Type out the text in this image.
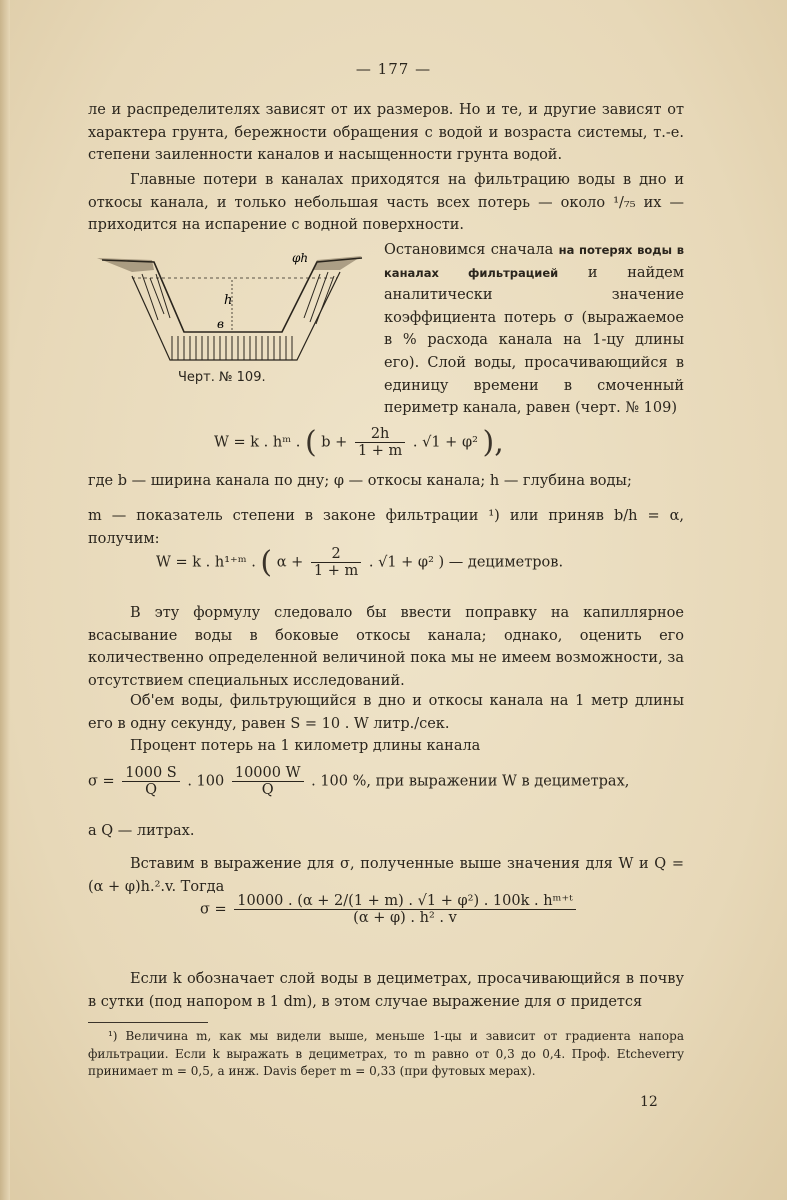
— 177 —
ле и распределителях зависят от их размеров. Но и те, и другие зависят от характера грунта, бережности обращения с водой и возраста системы, т.-е. степени заиленности каналов и насыщенности грунта водой.
Главные потери в каналах приходятся на фильтрацию воды в дно и откосы канала, и только небольшая часть всех потерь — около ¹/₇₅ их — приходится на испарение с водной поверхности.
φh
h
в
Черт. № 109.
Остановимся сначала на потерях воды в каналах фильтрацией и найдем аналитически значение коэффициента потерь σ (выражаемое в % расхода канала на 1-цу длины его). Слой воды, просачивающийся в единицу времени в смоченный периметр канала, равен (черт. № 109)
W = k . hᵐ . ( $b + \frac{2h}{1 + m}$ . √1 + φ² ),
где b — ширина канала по дну; φ — откосы канала; h — глубина воды;
m — показатель степени в законе фильтрации ¹) или приняв b/h = α, получим:
W = k . h¹⁺ᵐ . ( $\alpha + \frac{2}{1 + m}$ . √1 + φ² ) — дециметров.
В эту формулу следовало бы ввести поправку на капиллярное всасывание воды в боковые откосы канала; однако, оценить его количественно определенной величиной пока мы не имеем возможности, за отсутствием специальных исследований.
Об'ем воды, фильтрующийся в дно и откосы канала на 1 метр длины его в одну секунду, равен S = 10 . W литр./сек.
Процент потерь на 1 километр длины канала
$\sigma = \frac{1000 S}{Q}$ . $100 \frac{10000 W}{Q}$ . 100 %, при выражении W в дециметрах,
а Q — литрах.
Вставим в выражение для σ, полученные выше значения для W и Q = (α + φ)h.².v. Тогда
$\sigma = \frac{\text{10000 . (α + 2/(1 + m) . √1 + φ²) . 100k . hᵐ⁺ᵗ}}{\text{(α + φ) . h² . v}}$
Если k обозначает слой воды в дециметрах, просачивающийся в почву в сутки (под напором в 1 dm), в этом случае выражение для σ придется
¹) Величина m, как мы видели выше, меньше 1-цы и зависит от градиента напора фильтрации. Если k выражать в дециметрах, то m равно от 0,3 до 0,4. Проф. Etcheverry принимает m = 0,5, а инж. Davis берет m = 0,33 (при футовых мерах).
12
